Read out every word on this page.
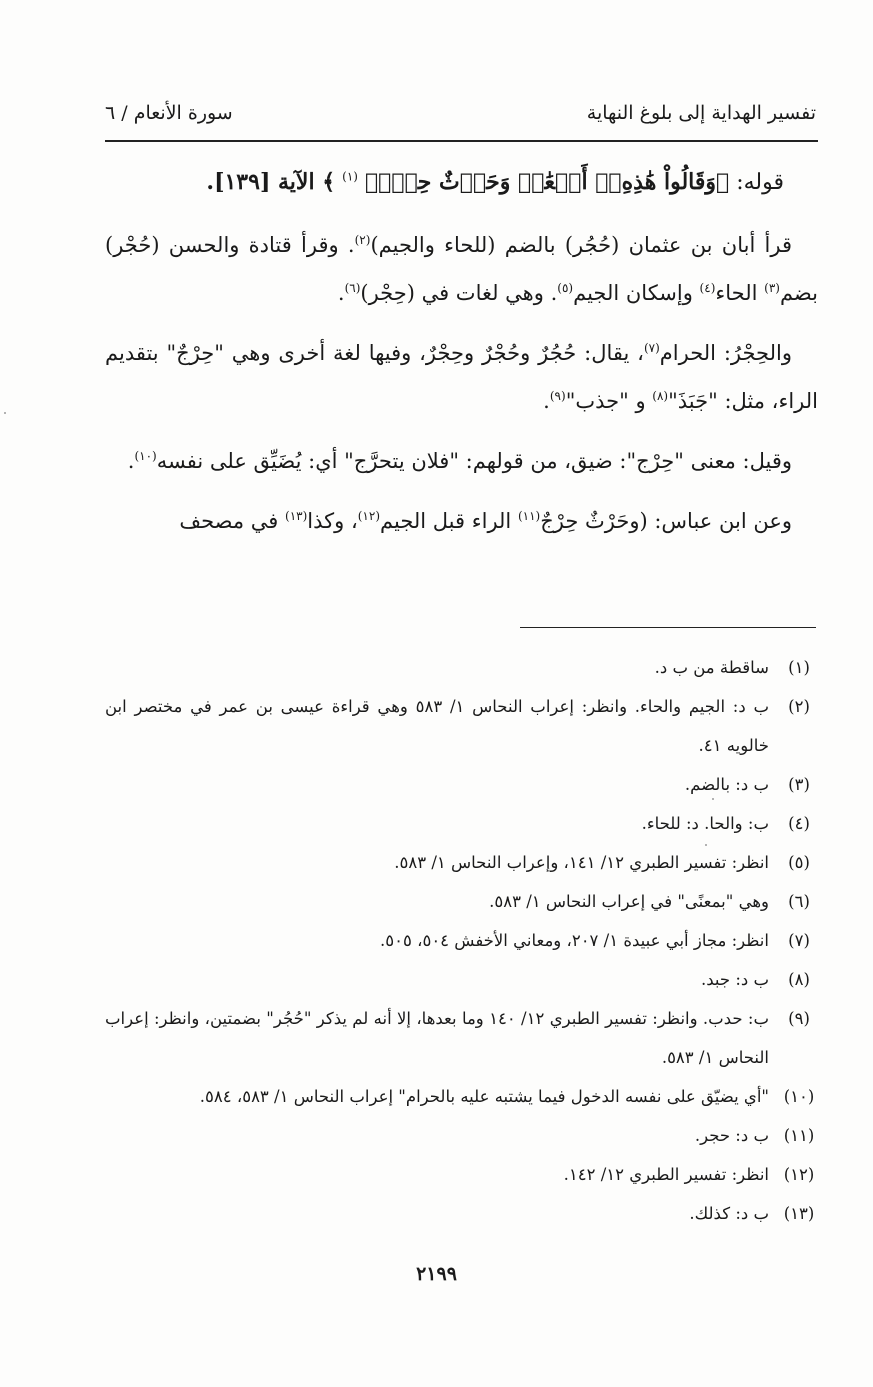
تفسير الهداية إلى بلوغ النهاية
سورة الأنعام / ٦

قوله: ﴿وَقَالُواْ هَٰذِهِۦٓ أَنۡعَٰمٞ وَحَرۡثٌ حِجۡرٞ $^{(١)}$ ﴾ الآية [١٣٩].

قرأ أبان بن عثمان (حُجُر) بالضم (للحاء والجيم)$^{(٢)}$. وقرأ قتادة والحسن (حُجْر) بضم$^{(٣)}$ الحاء$^{(٤)}$ وإسكان الجيم$^{(٥)}$. وهي لغات في (حِجْر)$^{(٦)}$.

والحِجْرُ: الحرام$^{(٧)}$، يقال: حُجُرٌ وحُجْرٌ وحِجْرٌ، وفيها لغة أخرى وهي "حِرْجٌ" بتقديم الراء، مثل: "جَبَذَ"$^{(٨)}$ و "جذب"$^{(٩)}$.

وقيل: معنى "حِرْج": ضيق، من قولهم: "فلان يتحرَّج" أي: يُضَيِّق على نفسه$^{(١٠)}$.

وعن ابن عباس: (وحَرْثٌ حِرْجٌ$^{(١١)}$ الراء قبل الجيم$^{(١٢)}$، وكذا$^{(١٣)}$ في مصحف

(١)
ساقطة من ب د.
(٢)
ب د: الجيم والحاء. وانظر: إعراب النحاس ١/ ٥٨٣ وهي قراءة عيسى بن عمر في مختصر ابن خالويه ٤١.
(٣)
ب د: بالضم.
(٤)
ب: والحا. د: للحاء.
(٥)
انظر: تفسير الطبري ١٢/ ١٤١، وإعراب النحاس ١/ ٥٨٣.
(٦)
وهي "بمعنًى" في إعراب النحاس ١/ ٥٨٣.
(٧)
انظر: مجاز أبي عبيدة ١/ ٢٠٧، ومعاني الأخفش ٥٠٤، ٥٠٥.
(٨)
ب د: جبد.
(٩)
ب: حدب. وانظر: تفسير الطبري ١٢/ ١٤٠ وما بعدها، إلا أنه لم يذكر "حُجُر" بضمتين، وانظر: إعراب النحاس ١/ ٥٨٣.
(١٠)
"أي يضيّق على نفسه الدخول فيما يشتبه عليه بالحرام" إعراب النحاس ١/ ٥٨٣، ٥٨٤.
(١١)
ب د: حجر.
(١٢)
انظر: تفسير الطبري ١٢/ ١٤٢.
(١٣)
ب د: كذلك.
٢١٩٩
